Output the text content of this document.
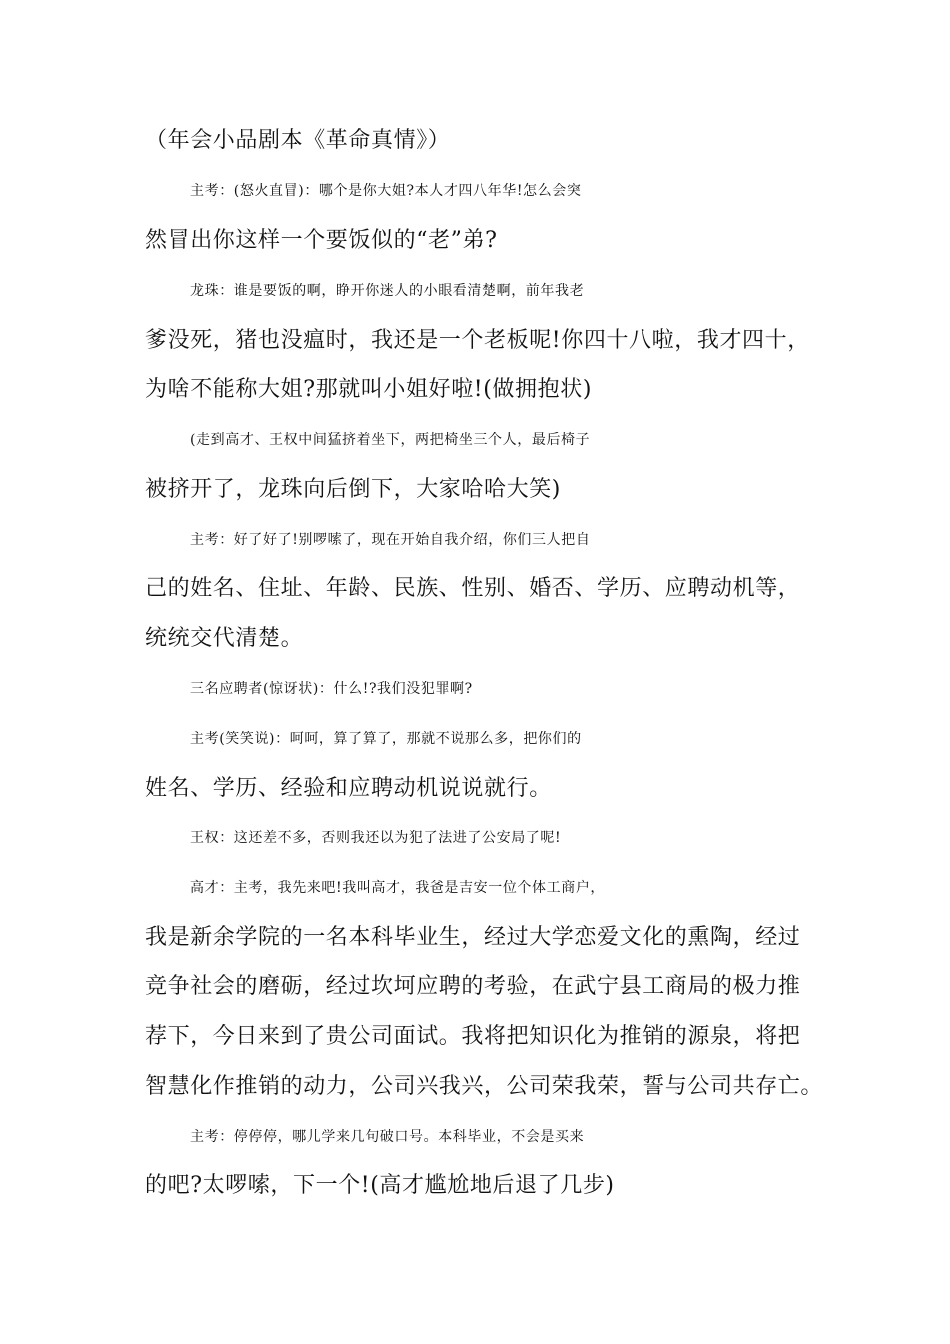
（年会小品剧本《革命真情》）
主考：(怒火直冒)：哪个是你大姐?本人才四八年华!怎么会突
然冒出你这样一个要饭似的“老”弟?
龙珠：谁是要饭的啊，睁开你迷人的小眼看清楚啊，前年我老
爹没死，猪也没瘟时，我还是一个老板呢!你四十八啦，我才四十，
为啥不能称大姐?那就叫小姐好啦!(做拥抱状)
(走到高才、王权中间猛挤着坐下，两把椅坐三个人，最后椅子
被挤开了，龙珠向后倒下，大家哈哈大笑)
主考：好了好了!别啰嗦了，现在开始自我介绍，你们三人把自
己的姓名、住址、年龄、民族、性别、婚否、学历、应聘动机等，
统统交代清楚。
三名应聘者(惊讶状)：什么!?我们没犯罪啊?
主考(笑笑说)：呵呵，算了算了，那就不说那么多，把你们的
姓名、学历、经验和应聘动机说说就行。
王权：这还差不多，否则我还以为犯了法进了公安局了呢!
高才：主考，我先来吧!我叫高才，我爸是吉安一位个体工商户，
我是新余学院的一名本科毕业生，经过大学恋爱文化的熏陶，经过
竞争社会的磨砺，经过坎坷应聘的考验，在武宁县工商局的极力推
荐下，今日来到了贵公司面试。我将把知识化为推销的源泉，将把
智慧化作推销的动力，公司兴我兴，公司荣我荣，誓与公司共存亡。
主考：停停停，哪儿学来几句破口号。本科毕业，不会是买来
的吧?太啰嗦，下一个!(高才尴尬地后退了几步)
